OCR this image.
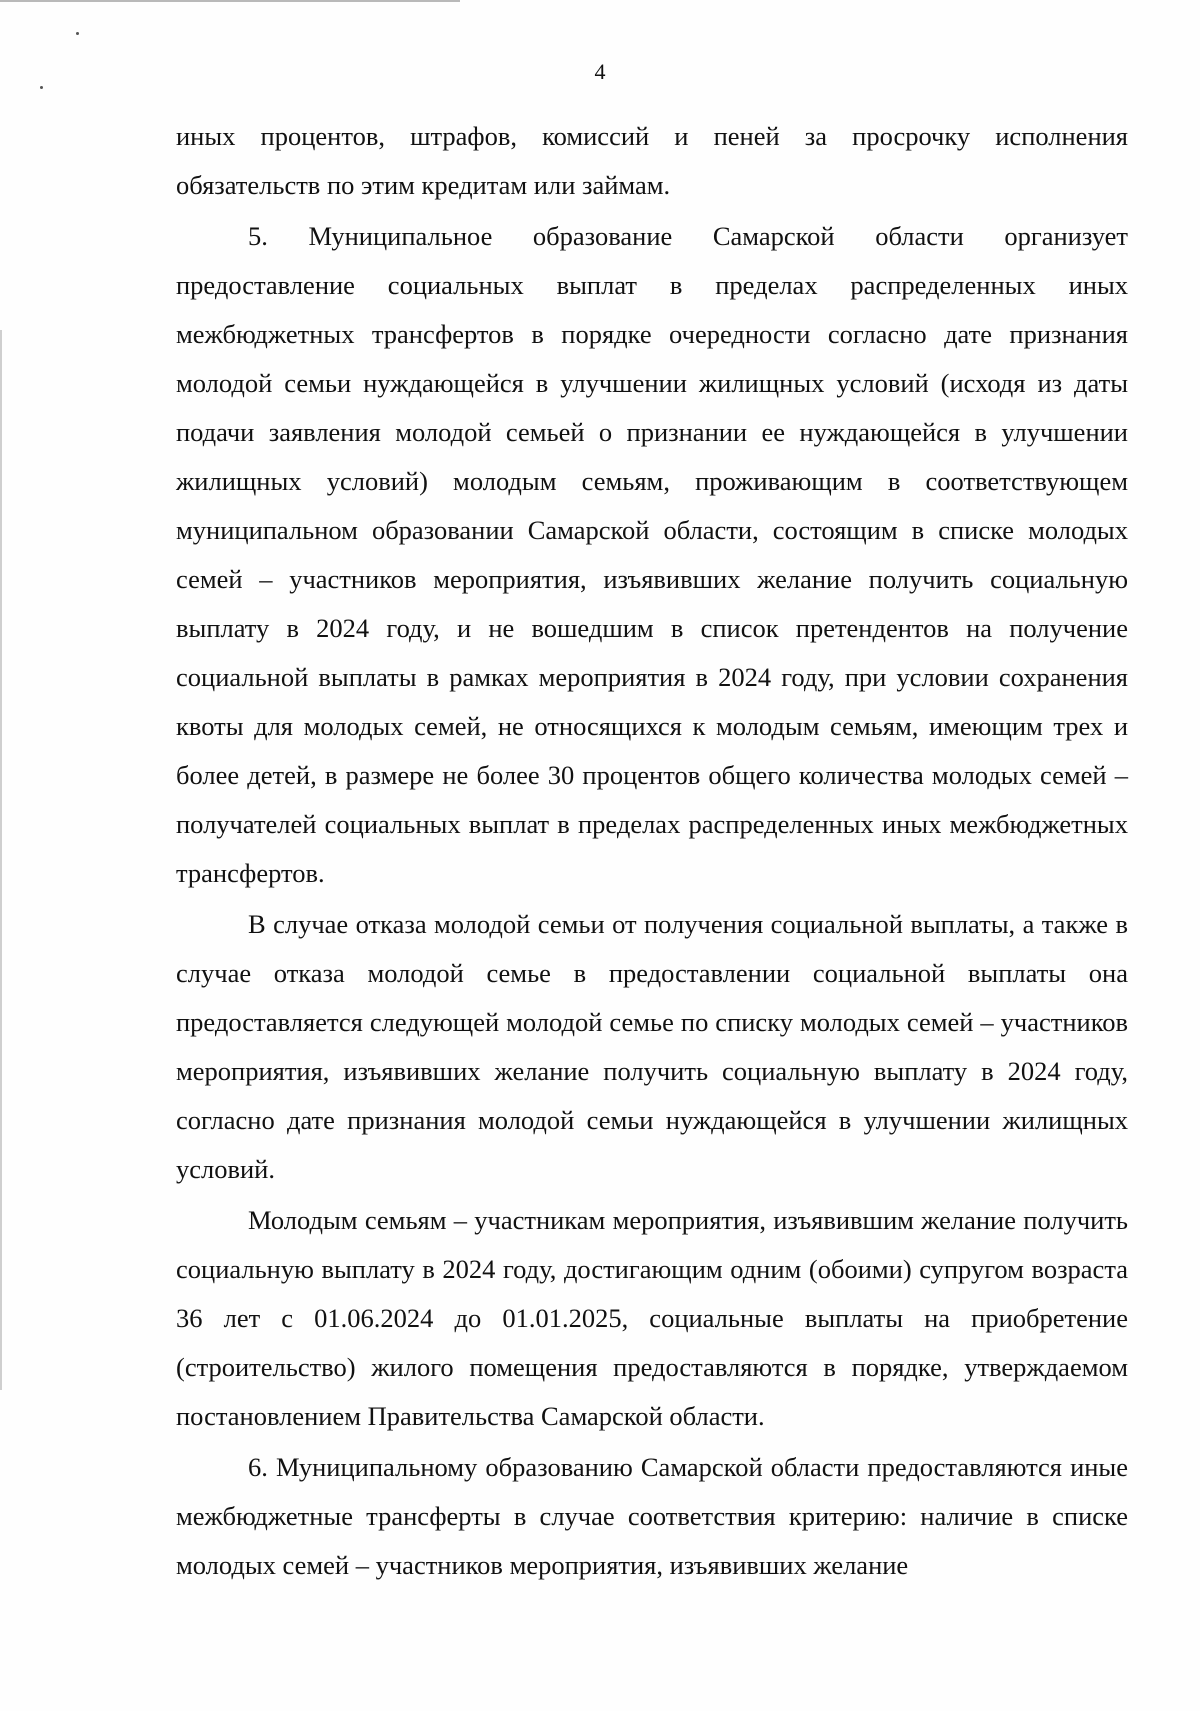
4

иных процентов, штрафов, комиссий и пеней за просрочку исполнения обязательств по этим кредитам или займам.

5. Муниципальное образование Самарской области организует предоставление социальных выплат в пределах распределенных иных межбюджетных трансфертов в порядке очередности согласно дате признания молодой семьи нуждающейся в улучшении жилищных условий (исходя из даты подачи заявления молодой семьей о признании ее нуждающейся в улучшении жилищных условий) молодым семьям, проживающим в соответствующем муниципальном образовании Самарской области, состоящим в списке молодых семей – участников мероприятия, изъявивших желание получить социальную выплату в 2024 году, и не вошедшим в список претендентов на получение социальной выплаты в рамках мероприятия в 2024 году, при условии сохранения квоты для молодых семей, не относящихся к молодым семьям, имеющим трех и более детей, в размере не более 30 процентов общего количества молодых семей – получателей социальных выплат в пределах распределенных иных межбюджетных трансфертов.

В случае отказа молодой семьи от получения социальной выплаты, а также в случае отказа молодой семье в предоставлении социальной выплаты она предоставляется следующей молодой семье по списку молодых семей – участников мероприятия, изъявивших желание получить социальную выплату в 2024 году, согласно дате признания молодой семьи нуждающейся в улучшении жилищных условий.

Молодым семьям – участникам мероприятия, изъявившим желание получить социальную выплату в 2024 году, достигающим одним (обоими) супругом возраста 36 лет с 01.06.2024 до 01.01.2025, социальные выплаты на приобретение (строительство) жилого помещения предоставляются в порядке, утверждаемом постановлением Правительства Самарской области.

6. Муниципальному образованию Самарской области предоставляются иные межбюджетные трансферты в случае соответствия критерию: наличие в списке молодых семей – участников мероприятия, изъявивших желание
